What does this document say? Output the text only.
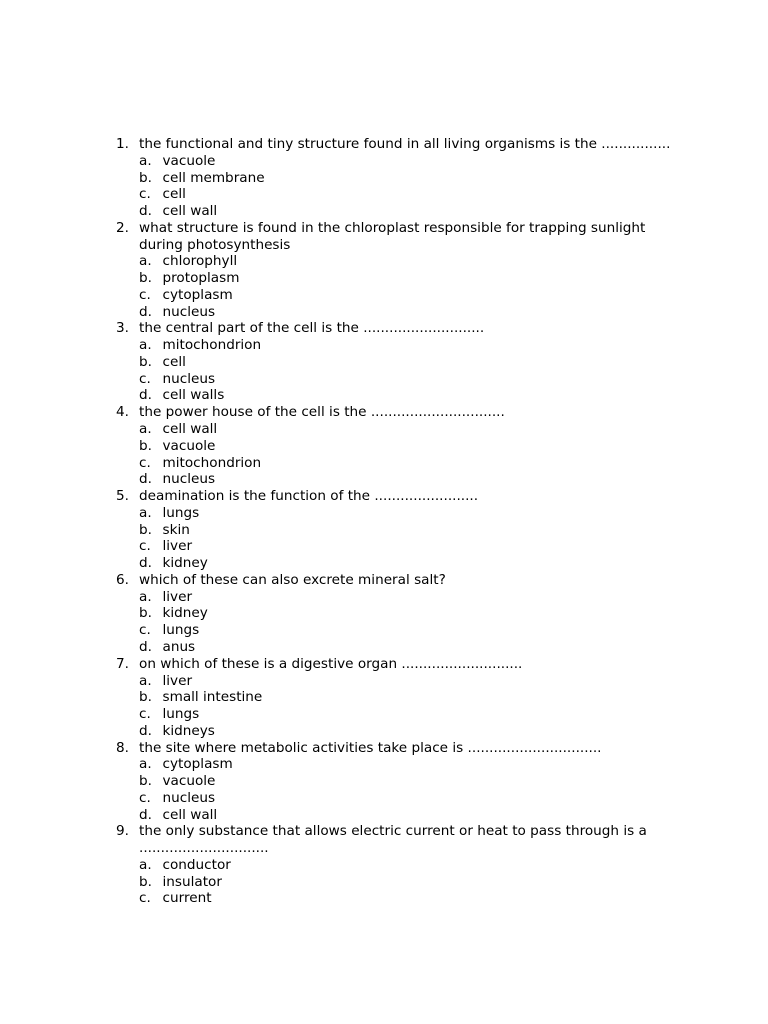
1. the functional and tiny structure found in all living organisms is the ................
a. vacuole
b. cell membrane
c. cell
d. cell wall
2. what structure is found in the chloroplast responsible for trapping sunlight during photosynthesis
a. chlorophyll
b. protoplasm
c. cytoplasm
d. nucleus
3. the central part of the cell is the ............................
a. mitochondrion
b. cell
c. nucleus
d. cell walls
4. the power house of the cell is the ...............................
a. cell wall
b. vacuole
c. mitochondrion
d. nucleus
5. deamination is the function of the ........................
a. lungs
b. skin
c. liver
d. kidney
6. which of these can also excrete mineral salt?
a. liver
b. kidney
c. lungs
d. anus
7. on which of these is a digestive organ ............................
a. liver
b. small intestine
c. lungs
d. kidneys
8. the site where metabolic activities take place is ...............................
a. cytoplasm
b. vacuole
c. nucleus
d. cell wall
9. the only substance that allows electric current or heat to pass through is a ..............................
a. conductor
b. insulator
c. current
